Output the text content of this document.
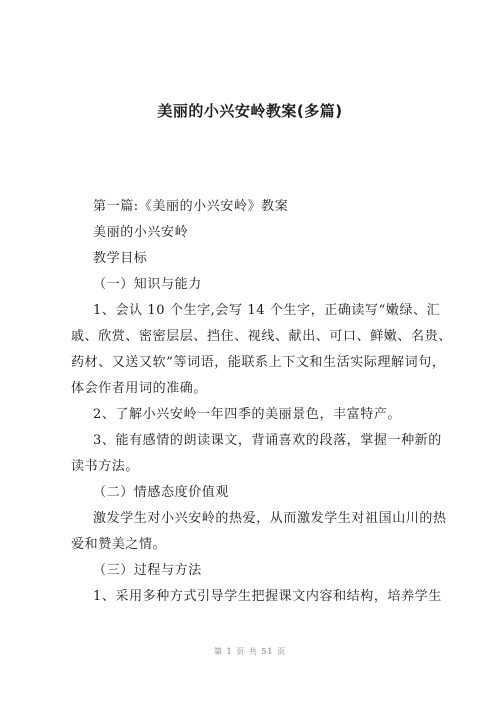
美丽的小兴安岭教案(多篇)

第一篇:《美丽的小兴安岭》教案

美丽的小兴安岭

教学目标

（一）知识与能力

1、会认 10 个生字,会写 14 个生字，正确读写“嫩绿、汇

戚、欣赏、密密层层、挡住、视线、献出、可口、鲜嫩、名贵、

药材、又送又软”等词语，能联系上下文和生活实际理解词句，

体会作者用词的准确。

2、了解小兴安岭一年四季的美丽景色，丰富特产。

3、能有感情的朗读课文，背诵喜欢的段落，掌握一种新的

读书方法。

（二）情感态度价值观

激发学生对小兴安岭的热爱，从而激发学生对祖国山川的热

爱和赞美之情。

（三）过程与方法

1、采用多种方式引导学生把握课文内容和结构，培养学生

第 1 页 共 51 页
